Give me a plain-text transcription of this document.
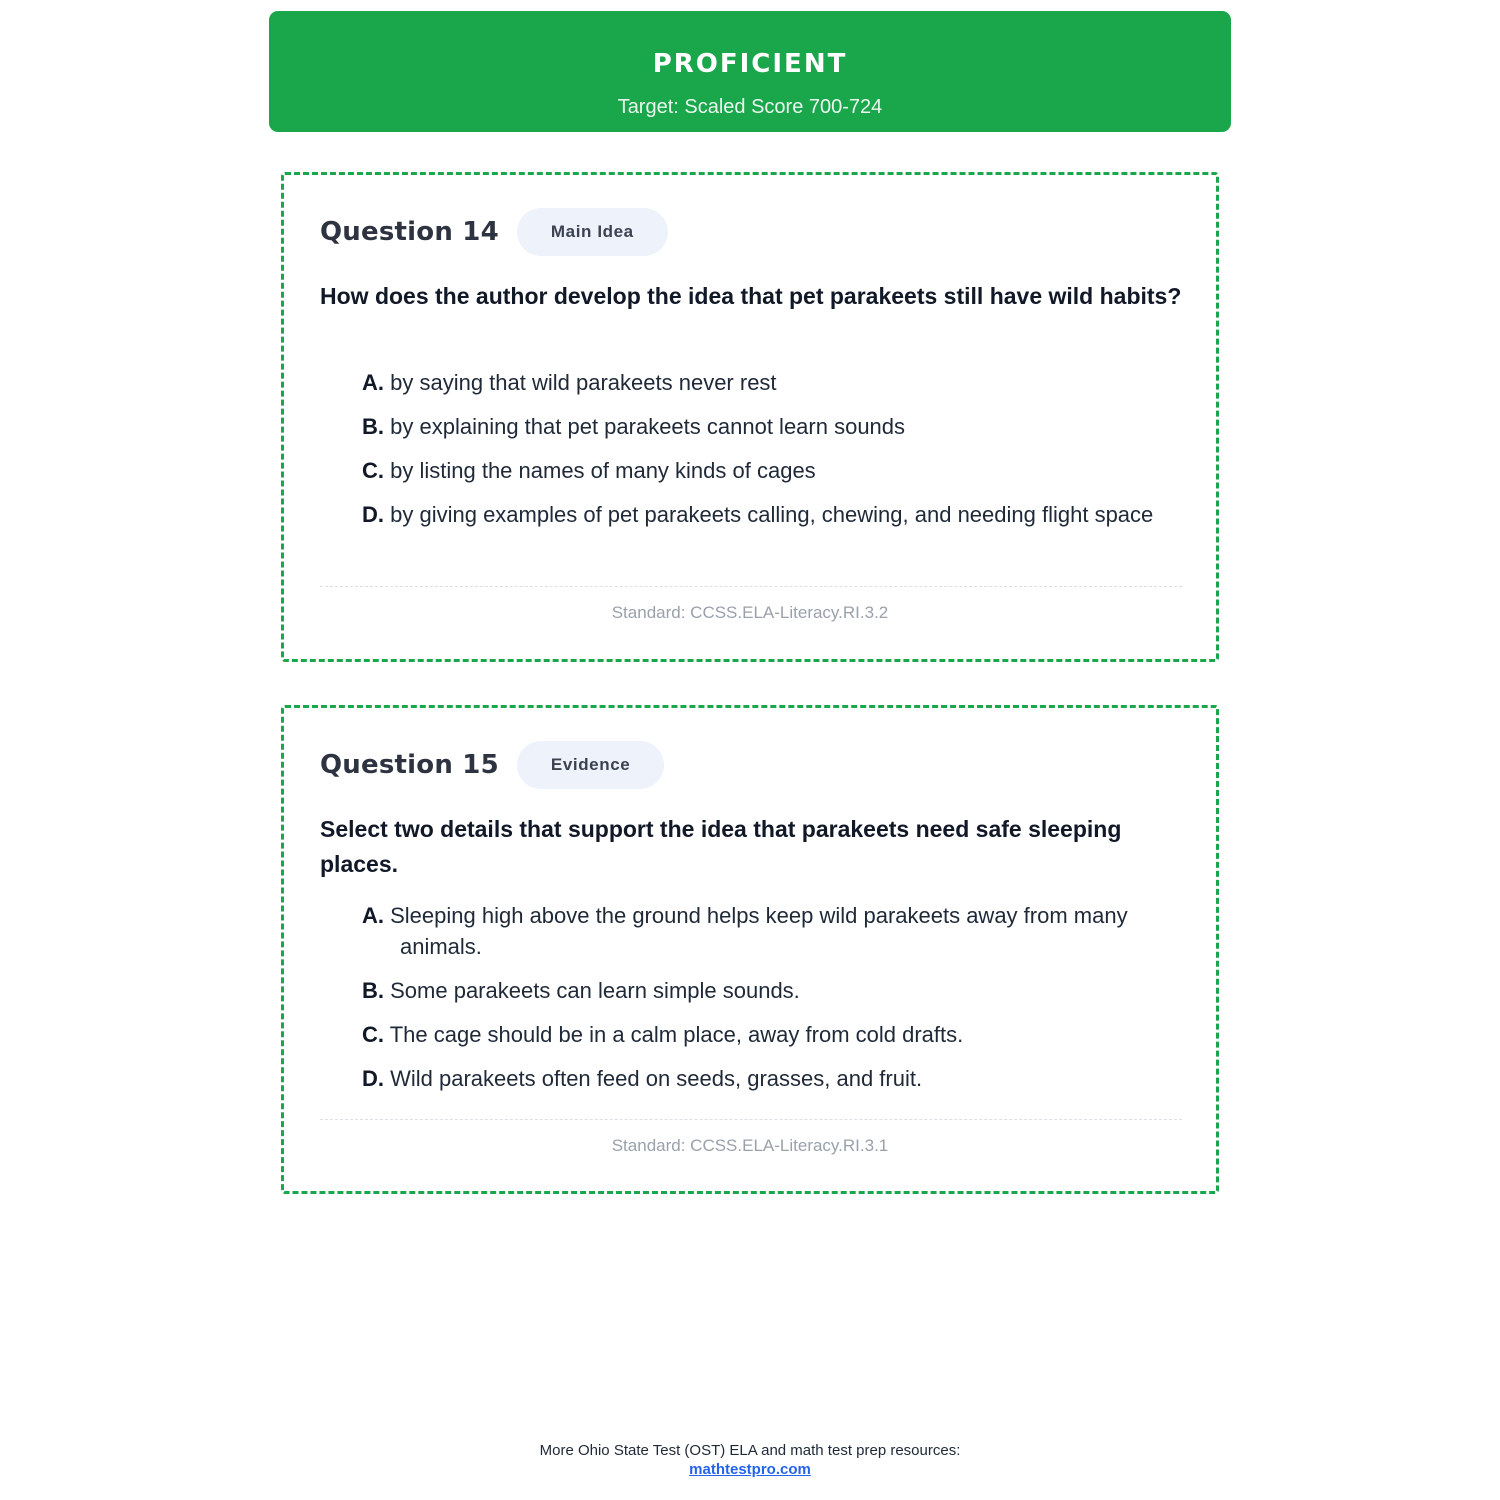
PROFICIENT
Target: Scaled Score 700-724
Question 14	Main Idea
How does the author develop the idea that pet parakeets still have wild habits?
A. by saying that wild parakeets never rest
B. by explaining that pet parakeets cannot learn sounds
C. by listing the names of many kinds of cages
D. by giving examples of pet parakeets calling, chewing, and needing flight space
Standard: CCSS.ELA-Literacy.RI.3.2
Question 15	Evidence
Select two details that support the idea that parakeets need safe sleeping places.
A. Sleeping high above the ground helps keep wild parakeets away from many animals.
B. Some parakeets can learn simple sounds.
C. The cage should be in a calm place, away from cold drafts.
D. Wild parakeets often feed on seeds, grasses, and fruit.
Standard: CCSS.ELA-Literacy.RI.3.1
More Ohio State Test (OST) ELA and math test prep resources:
mathtestpro.com
